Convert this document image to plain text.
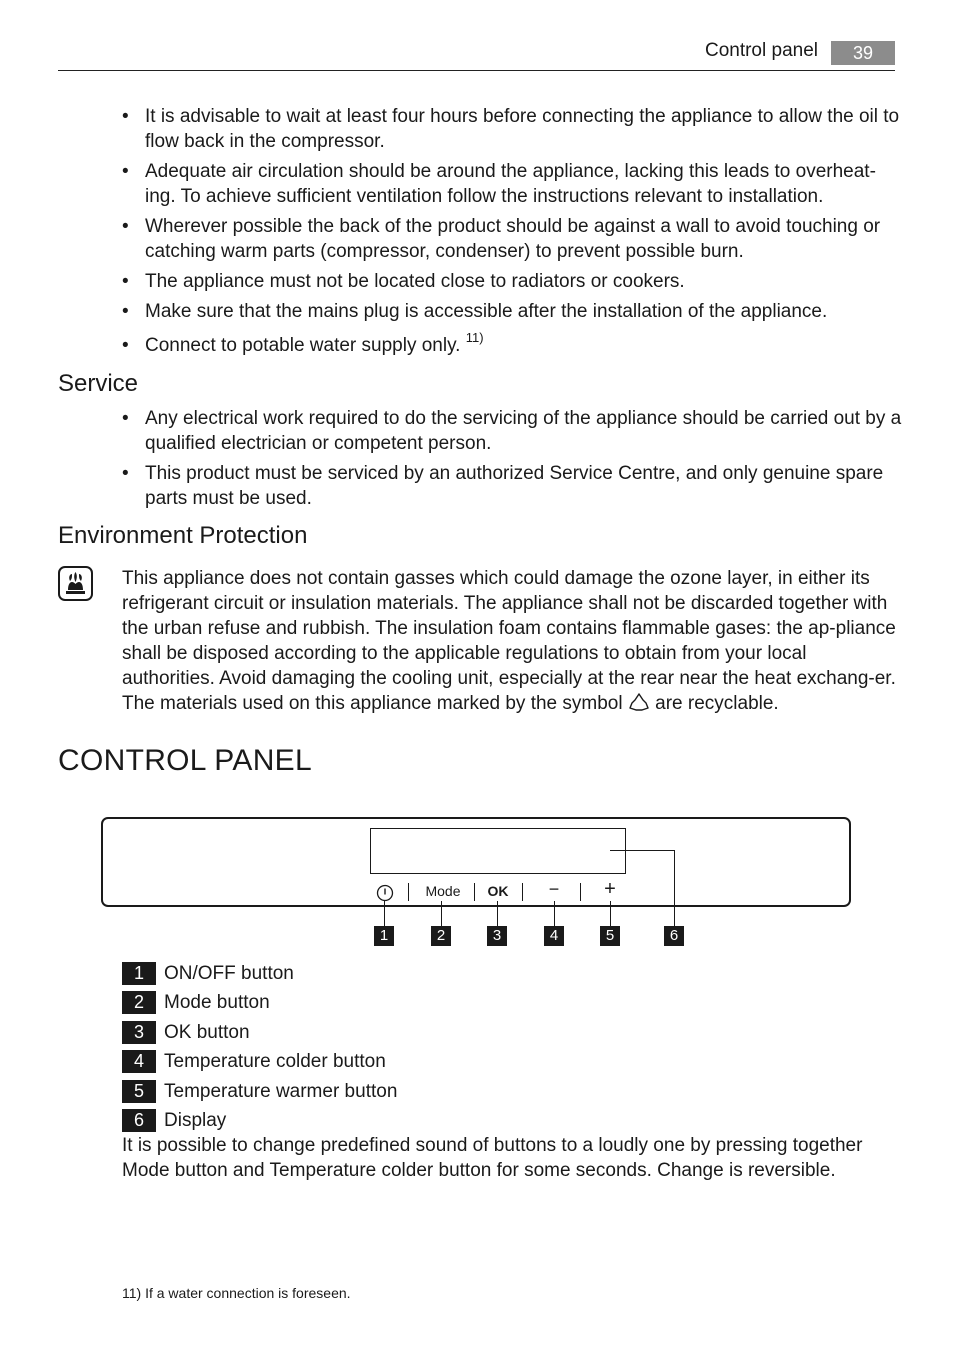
Control panel	39
• It is advisable to wait at least four hours before connecting the appliance to allow the oil to flow back in the compressor.
• Adequate air circulation should be around the appliance, lacking this leads to overheat-ing. To achieve sufficient ventilation follow the instructions relevant to installation.
• Wherever possible the back of the product should be against a wall to avoid touching or catching warm parts (compressor, condenser) to prevent possible burn.
• The appliance must not be located close to radiators or cookers.
• Make sure that the mains plug is accessible after the installation of the appliance.
• Connect to potable water supply only. $^{11)}$
Service
• Any electrical work required to do the servicing of the appliance should be carried out by a qualified electrician or competent person.
• This product must be serviced by an authorized Service Centre, and only genuine spare parts must be used.
Environment Protection

This appliance does not contain gasses which could damage the ozone layer, in either its refrigerant circuit or insulation materials. The appliance shall not be discarded together with the urban refuse and rubbish. The insulation foam contains flammable gases: the ap-pliance shall be disposed according to the applicable regulations to obtain from your local authorities. Avoid damaging the cooling unit, especially at the rear near the heat exchang-er. The materials used on this appliance marked by the symbol are recyclable.

CONTROL PANEL
Mode	OK	−	+
1	2	3	4	5	6
1	ON/OFF button
2	Mode button
3	OK button
4	Temperature colder button
5	Temperature warmer button
6	Display

It is possible to change predefined sound of buttons to a loudly one by pressing together Mode button and Temperature colder button for some seconds. Change is reversible.

11) If a water connection is foreseen.
